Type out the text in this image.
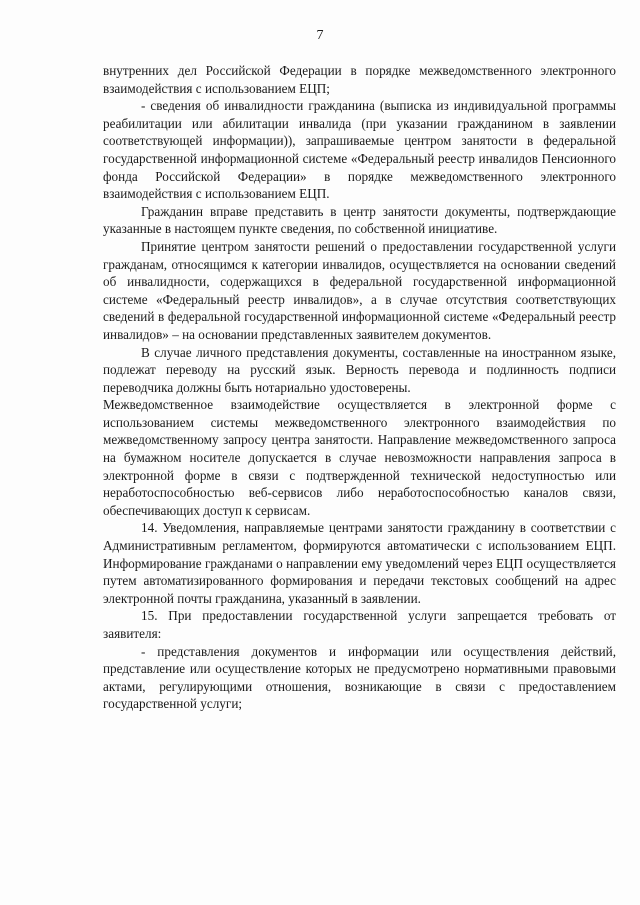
7

внутренних дел Российской Федерации в порядке межведомственного электронного взаимодействия с использованием ЕЦП;

- сведения об инвалидности гражданина (выписка из индивидуальной программы реабилитации или абилитации инвалида (при указании гражданином в заявлении соответствующей информации)), запрашиваемые центром занятости в федеральной государственной информационной системе «Федеральный реестр инвалидов Пенсионного фонда Российской Федерации» в порядке межведомственного электронного взаимодействия с использованием ЕЦП.

Гражданин вправе представить в центр занятости документы, подтверждающие указанные в настоящем пункте сведения, по собственной инициативе.

Принятие центром занятости решений о предоставлении государственной услуги гражданам, относящимся к категории инвалидов, осуществляется на основании сведений об инвалидности, содержащихся в федеральной государственной информационной системе «Федеральный реестр инвалидов», а в случае отсутствия соответствующих сведений в федеральной государственной информационной системе «Федеральный реестр инвалидов» – на основании представленных заявителем документов.

В случае личного представления документы, составленные на иностранном языке, подлежат переводу на русский язык. Верность перевода и подлинность подписи переводчика должны быть нотариально удостоверены.

Межведомственное взаимодействие осуществляется в электронной форме с использованием системы межведомственного электронного взаимодействия по межведомственному запросу центра занятости. Направление межведомственного запроса на бумажном носителе допускается в случае невозможности направления запроса в электронной форме в связи с подтвержденной технической недоступностью или неработоспособностью веб-сервисов либо неработоспособностью каналов связи, обеспечивающих доступ к сервисам.

14. Уведомления, направляемые центрами занятости гражданину в соответствии с Административным регламентом, формируются автоматически с использованием ЕЦП. Информирование гражданами о направлении ему уведомлений через ЕЦП осуществляется путем автоматизированного формирования и передачи текстовых сообщений на адрес электронной почты гражданина, указанный в заявлении.

15. При предоставлении государственной услуги запрещается требовать от заявителя:

- представления документов и информации или осуществления действий, представление или осуществление которых не предусмотрено нормативными правовыми актами, регулирующими отношения, возникающие в связи с предоставлением государственной услуги;
